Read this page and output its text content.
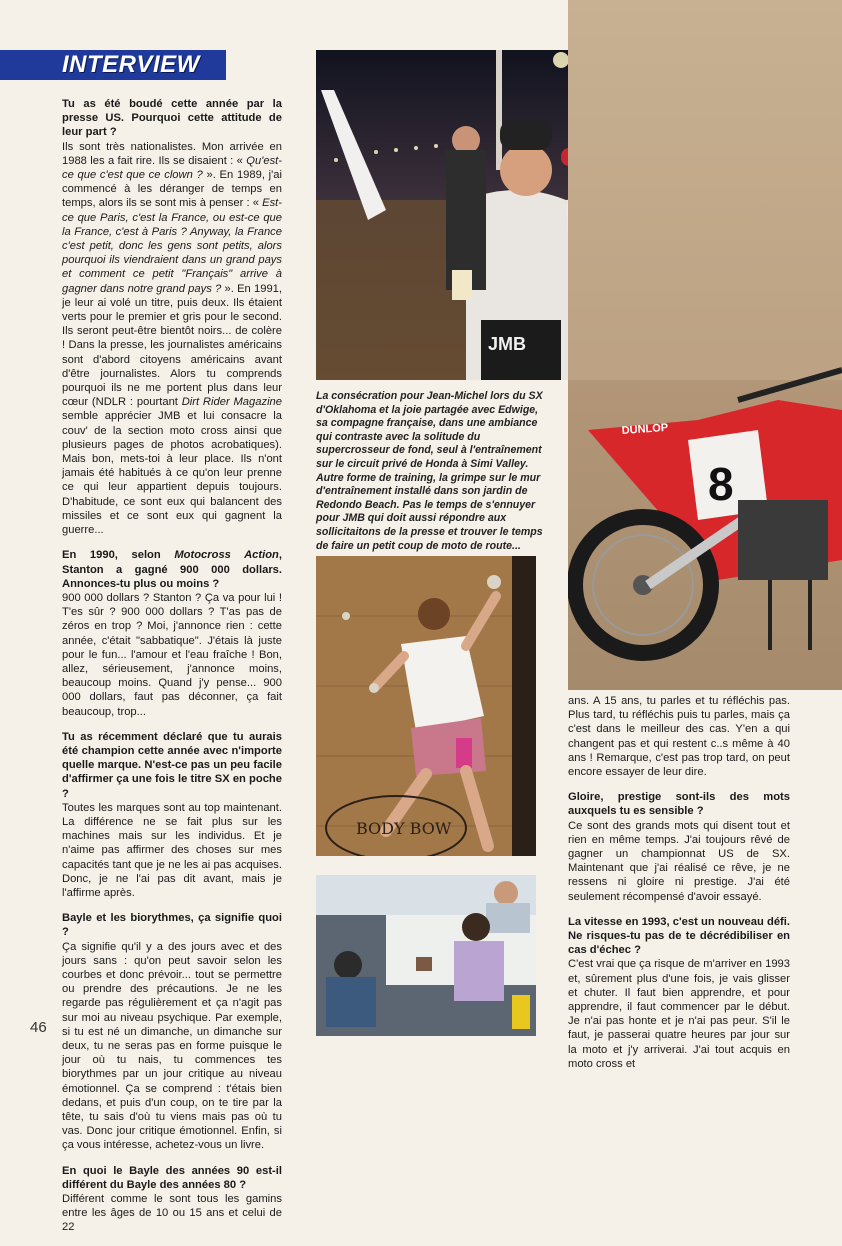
INTERVIEW

Tu as été boudé cette année par la presse US. Pourquoi cette attitude de leur part ?

Ils sont très nationalistes. Mon arrivée en 1988 les a fait rire. Ils se disaient : « Qu'est-ce que c'est que ce clown ? ». En 1989, j'ai commencé à les déranger de temps en temps, alors ils se sont mis à penser : « Est-ce que Paris, c'est la France, ou est-ce que la France, c'est à Paris ? Anyway, la France c'est petit, donc les gens sont petits, alors pourquoi ils viendraient dans un grand pays et comment ce petit "Français" arrive à gagner dans notre grand pays ? ». En 1991, je leur ai volé un titre, puis deux. Ils étaient verts pour le premier et gris pour le second. Ils seront peut-être bientôt noirs... de colère ! Dans la presse, les journalistes américains sont d'abord citoyens américains avant d'être journalistes. Alors tu comprends pourquoi ils ne me portent plus dans leur cœur (NDLR : pourtant Dirt Rider Magazine semble apprécier JMB et lui consacre la couv' de la section moto cross ainsi que plusieurs pages de photos acrobatiques). Mais bon, mets-toi à leur place. Ils n'ont jamais été habitués à ce qu'on leur prenne ce qui leur appartient depuis toujours. D'habitude, ce sont eux qui balancent des missiles et ce sont eux qui gagnent la guerre...

En 1990, selon Motocross Action, Stanton a gagné 900 000 dollars. Annonces-tu plus ou moins ?

900 000 dollars ? Stanton ? Ça va pour lui ! T'es sûr ? 900 000 dollars ? T'as pas de zéros en trop ? Moi, j'annonce rien : cette année, c'était "sabbatique". J'étais là juste pour le fun... l'amour et l'eau fraîche ! Bon, allez, sérieusement, j'annonce moins, beaucoup moins. Quand j'y pense... 900 000 dollars, faut pas déconner, ça fait beaucoup, trop...

Tu as récemment déclaré que tu aurais été champion cette année avec n'importe quelle marque. N'est-ce pas un peu facile d'affirmer ça une fois le titre SX en poche ?

Toutes les marques sont au top maintenant. La différence ne se fait plus sur les machines mais sur les individus. Et je n'aime pas affirmer des choses sur mes capacités tant que je ne les ai pas acquises. Donc, je ne l'ai pas dit avant, mais je l'affirme après.

Bayle et les biorythmes, ça signifie quoi ?

Ça signifie qu'il y a des jours avec et des jours sans : qu'on peut savoir selon les courbes et donc prévoir... tout se permettre ou prendre des précautions. Je ne les regarde pas régulièrement et ça n'agit pas sur moi au niveau psychique. Par exemple, si tu est né un dimanche, un dimanche sur deux, tu ne seras pas en forme puisque le jour où tu nais, tu commences tes biorythmes par un jour critique au niveau émotionnel. Ça se comprend : t'étais bien dedans, et puis d'un coup, on te tire par la tête, tu sais d'où tu viens mais pas où tu vas. Donc jour critique émotionnel. Enfin, si ça vous intéresse, achetez-vous un livre.

En quoi le Bayle des années 90 est-il différent du Bayle des années 80 ?

Différent comme le sont tous les gamins entre les âges de 10 ou 15 ans et celui de 22

JMB
La consécration pour Jean-Michel lors du SX d'Oklahoma et la joie partagée avec Edwige, sa compagne française, dans une ambiance qui contraste avec la solitude du supercrosseur de fond, seul à l'entraînement sur le circuit privé de Honda à Simi Valley. Autre forme de training, la grimpe sur le mur d'entraînement installé dans son jardin de Redondo Beach. Pas le temps de s'ennuyer pour JMB qui doit aussi répondre aux sollicitaitons de la presse et trouver le temps de faire un petit coup de moto de route...
8
DUNLOP
BODY BOW

ans. A 15 ans, tu parles et tu réfléchis pas. Plus tard, tu réfléchis puis tu parles, mais ça c'est dans le meilleur des cas. Y'en a qui changent pas et qui restent c..s même à 40 ans ! Remarque, c'est pas trop tard, on peut encore essayer de leur dire.

Gloire, prestige sont-ils des mots auxquels tu es sensible ?

Ce sont des grands mots qui disent tout et rien en même temps. J'ai toujours rêvé de gagner un championnat US de SX. Maintenant que j'ai réalisé ce rêve, je ne ressens ni gloire ni prestige. J'ai été seulement récompensé d'avoir essayé.

La vitesse en 1993, c'est un nouveau défi. Ne risques-tu pas de te décrédibiliser en cas d'échec ?

C'est vrai que ça risque de m'arriver en 1993 et, sûrement plus d'une fois, je vais glisser et chuter. Il faut bien apprendre, et pour apprendre, il faut commencer par le début. Je n'ai pas honte et je n'ai pas peur. S'il le faut, je passerai quatre heures par jour sur la moto et j'y arriverai. J'ai tout acquis en moto cross et

46
